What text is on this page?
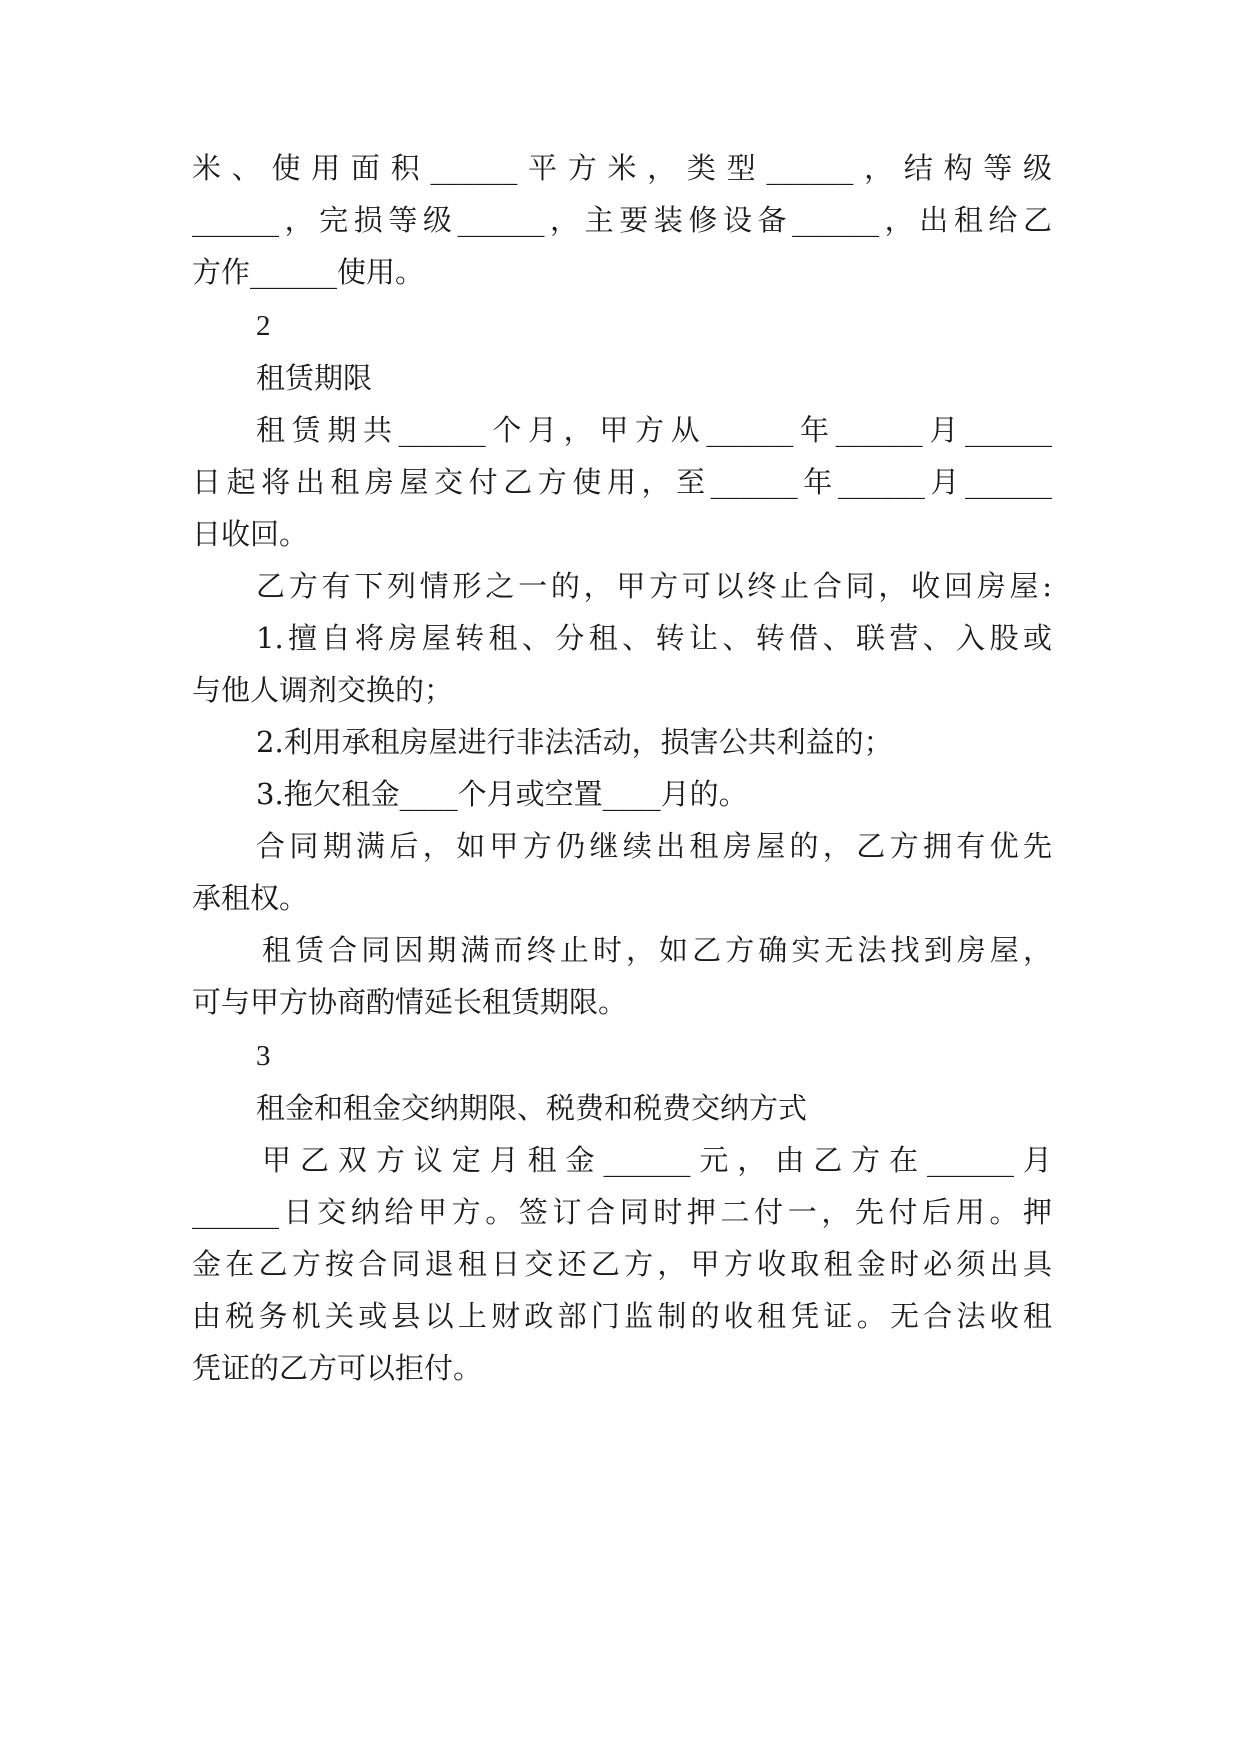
米、使用面积______平方米，类型______，结构等级
______，完损等级______，主要装修设备______，出租给乙
方作______使用。
2
租赁期限
租赁期共______个月，甲方从______年______月______
日起将出租房屋交付乙方使用，至______年______月______
日收回。
乙方有下列情形之一的，甲方可以终止合同，收回房屋:
1.擅自将房屋转租、分租、转让、转借、联营、入股或
与他人调剂交换的；
2.利用承租房屋进行非法活动，损害公共利益的；
3.拖欠租金____个月或空置____月的。
合同期满后，如甲方仍继续出租房屋的，乙方拥有优先
承租权。
租赁合同因期满而终止时，如乙方确实无法找到房屋，
可与甲方协商酌情延长租赁期限。
3
租金和租金交纳期限、税费和税费交纳方式
甲乙双方议定月租金______元，由乙方在______月
______日交纳给甲方。签订合同时押二付一，先付后用。押
金在乙方按合同退租日交还乙方，甲方收取租金时必须出具
由税务机关或县以上财政部门监制的收租凭证。无合法收租
凭证的乙方可以拒付。
